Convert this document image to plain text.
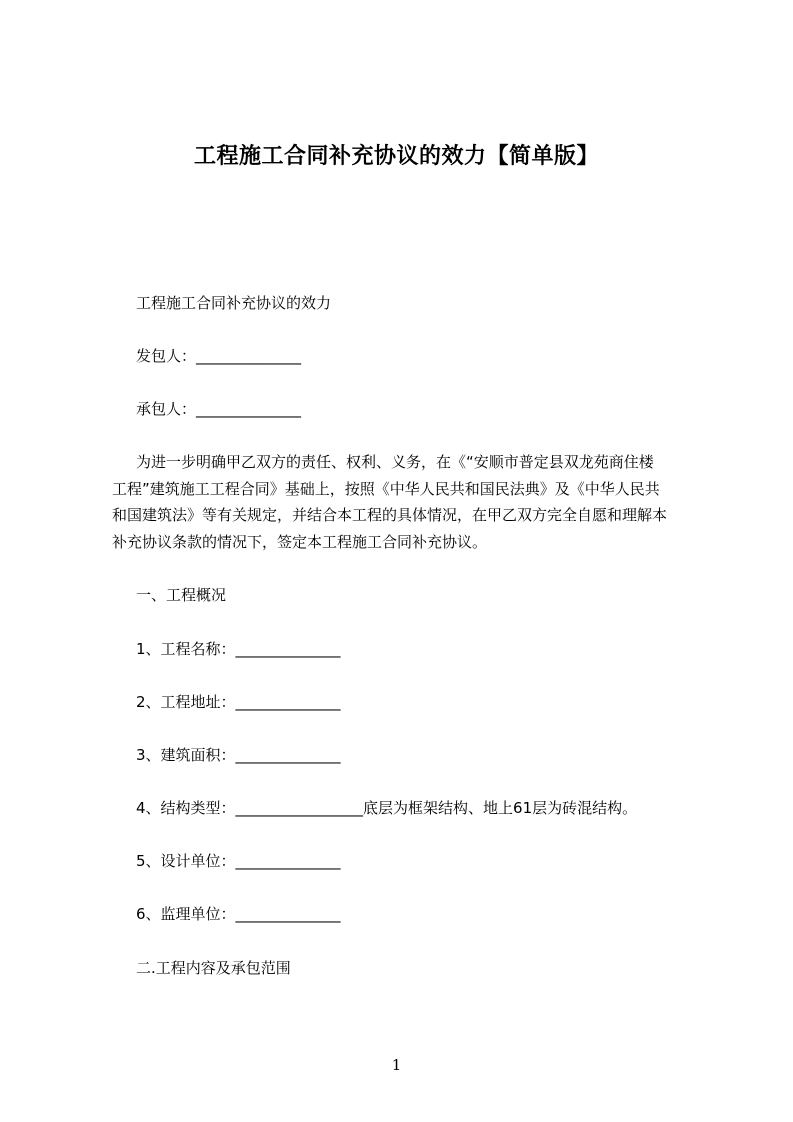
工程施工合同补充协议的效力【简单版】
工程施工合同补充协议的效力
发包人：______________
承包人：______________
为进一步明确甲乙双方的责任、权利、义务，在《“安顺市普定县双龙苑商住楼工程”建筑施工工程合同》基础上，按照《中华人民共和国民法典》及《中华人民共和国建筑法》等有关规定，并结合本工程的具体情况，在甲乙双方完全自愿和理解本补充协议条款的情况下，签定本工程施工合同补充协议。
一、工程概况
1、工程名称：______________
2、工程地址：______________
3、建筑面积：______________
4、结构类型：_________________底层为框架结构、地上61层为砖混结构。
5、设计单位：______________
6、监理单位：______________
二.工程内容及承包范围
1
